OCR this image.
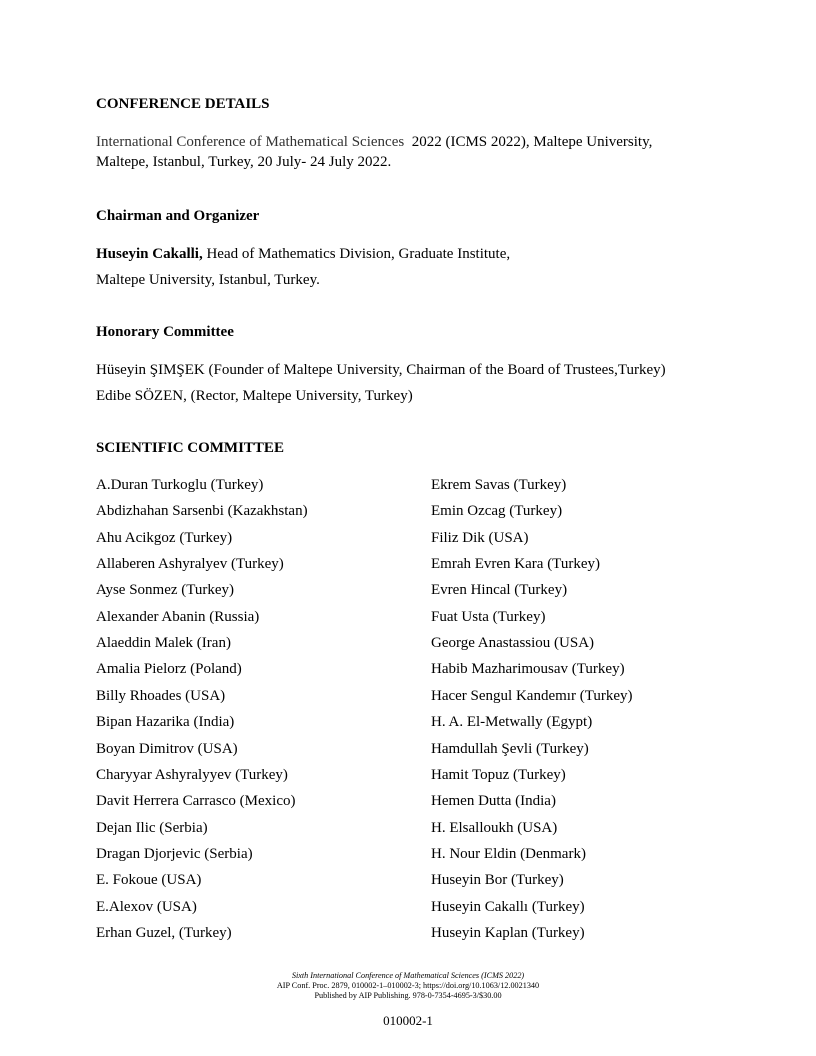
CONFERENCE DETAILS
International Conference of Mathematical Sciences 2022 (ICMS 2022), Maltepe University,
Maltepe, Istanbul, Turkey, 20 July- 24 July 2022.
Chairman and Organizer
Huseyin Cakalli, Head of Mathematics Division, Graduate Institute,
Maltepe University, Istanbul, Turkey.
Honorary Committee
Hüseyin ŞIMŞEK (Founder of Maltepe University, Chairman of the Board of Trustees,Turkey)
Edibe SÖZEN, (Rector, Maltepe University, Turkey)
SCIENTIFIC COMMITTEE
A.Duran Turkoglu (Turkey)
Abdizhahan Sarsenbi (Kazakhstan)
Ahu Acikgoz (Turkey)
Allaberen Ashyralyev (Turkey)
Ayse Sonmez (Turkey)
Alexander Abanin (Russia)
Alaeddin Malek (Iran)
Amalia Pielorz (Poland)
Billy Rhoades (USA)
Bipan Hazarika (India)
Boyan Dimitrov (USA)
Charyyar Ashyralyyev (Turkey)
Davit Herrera Carrasco (Mexico)
Dejan Ilic (Serbia)
Dragan Djorjevic (Serbia)
E. Fokoue (USA)
E.Alexov (USA)
Erhan Guzel, (Turkey)
Ekrem Savas (Turkey)
Emin Ozcag (Turkey)
Filiz Dik (USA)
Emrah Evren Kara (Turkey)
Evren Hincal (Turkey)
Fuat Usta (Turkey)
George Anastassiou (USA)
Habib Mazharimousav (Turkey)
Hacer Sengul Kandemır (Turkey)
H. A. El-Metwally (Egypt)
Hamdullah Şevli (Turkey)
Hamit Topuz (Turkey)
Hemen Dutta (India)
H. Elsalloukh (USA)
H. Nour Eldin (Denmark)
Huseyin Bor (Turkey)
Huseyin Cakallı (Turkey)
Huseyin Kaplan (Turkey)
Sixth International Conference of Mathematical Sciences (ICMS 2022)
AIP Conf. Proc. 2879, 010002-1–010002-3; https://doi.org/10.1063/12.0021340
Published by AIP Publishing. 978-0-7354-4695-3/$30.00
010002-1
